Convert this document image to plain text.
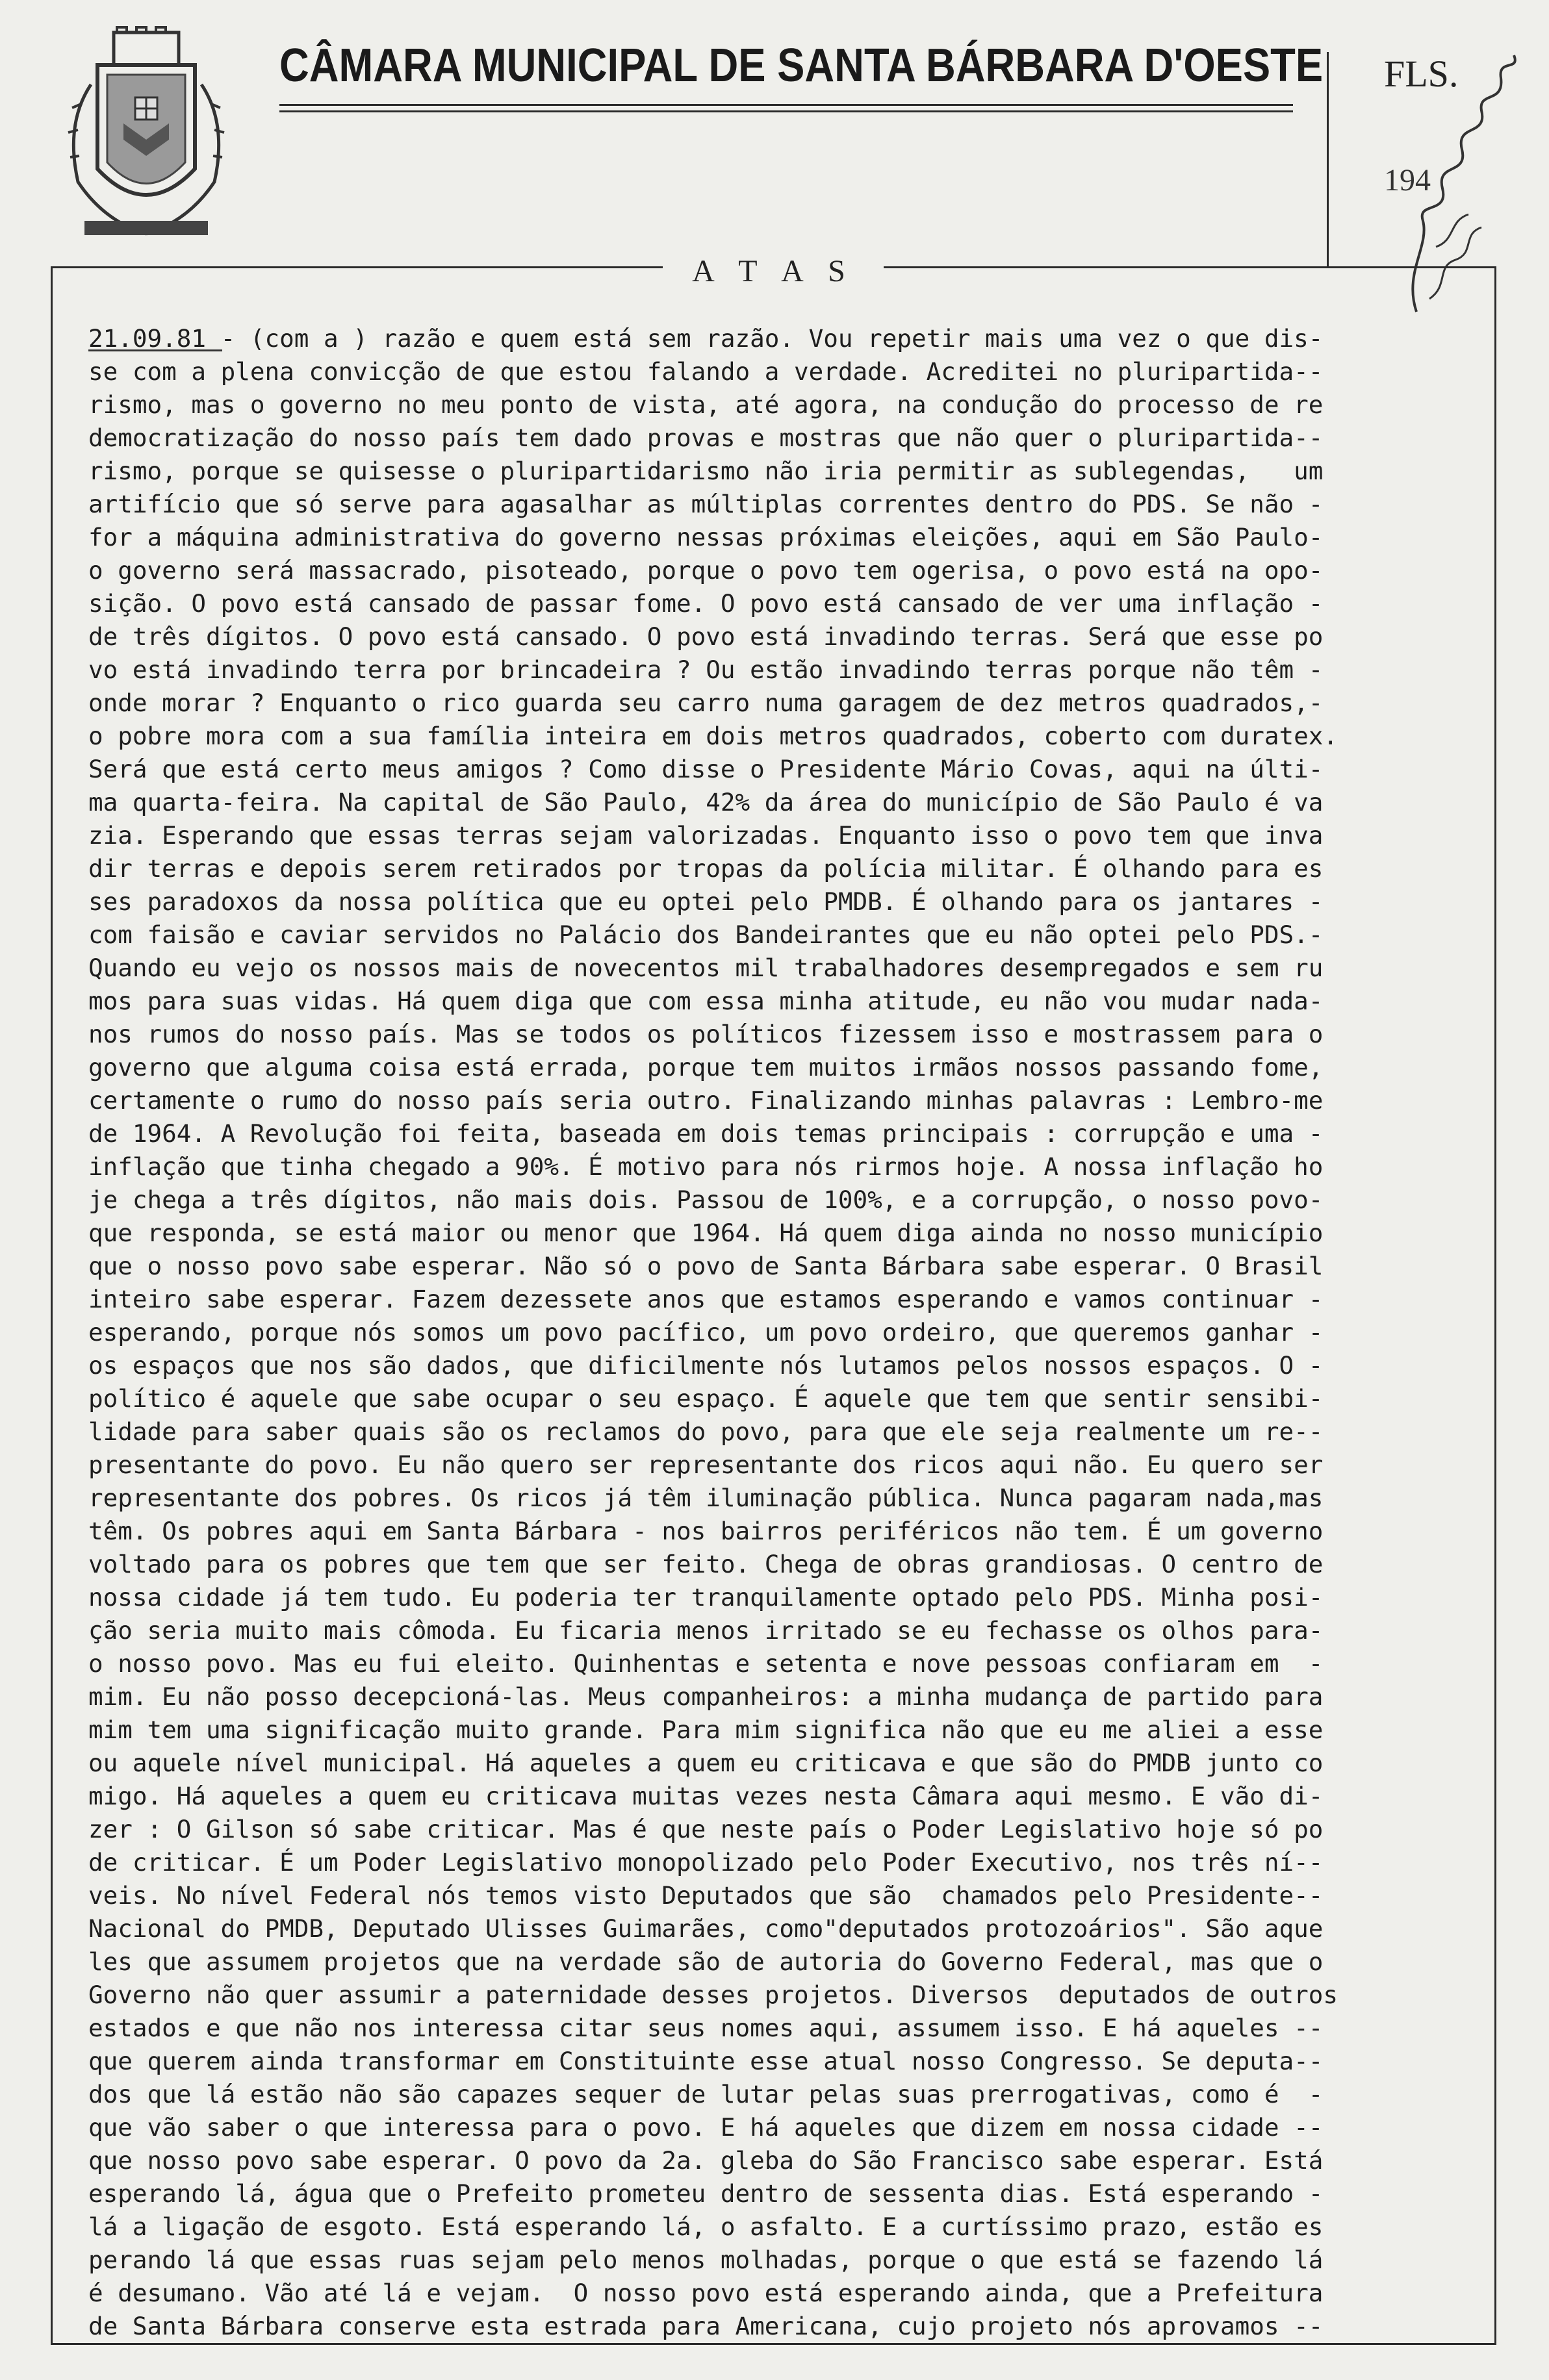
CÂMARA MUNICIPAL DE SANTA BÁRBARA D'OESTE FLS.
194
A T A S
21.09.81 - (com a ) razão e quem está sem razão. Vou repetir mais uma vez o que dis-
se com a plena convicção de que estou falando a verdade. Acreditei no pluripartida--
rismo, mas o governo no meu ponto de vista, até agora, na condução do processo de re
democratização do nosso país tem dado provas e mostras que não quer o pluripartida--
rismo, porque se quisesse o pluripartidarismo não iria permitir as sublegendas,   um
artifício que só serve para agasalhar as múltiplas correntes dentro do PDS. Se não -
for a máquina administrativa do governo nessas próximas eleições, aqui em São Paulo-
o governo será massacrado, pisoteado, porque o povo tem ogerisa, o povo está na opo-
sição. O povo está cansado de passar fome. O povo está cansado de ver uma inflação -
de três dígitos. O povo está cansado. O povo está invadindo terras. Será que esse po
vo está invadindo terra por brincadeira ? Ou estão invadindo terras porque não têm -
onde morar ? Enquanto o rico guarda seu carro numa garagem de dez metros quadrados,-
o pobre mora com a sua família inteira em dois metros quadrados, coberto com duratex.
Será que está certo meus amigos ? Como disse o Presidente Mário Covas, aqui na últi-
ma quarta-feira. Na capital de São Paulo, 42% da área do município de São Paulo é va
zia. Esperando que essas terras sejam valorizadas. Enquanto isso o povo tem que inva
dir terras e depois serem retirados por tropas da polícia militar. É olhando para es
ses paradoxos da nossa política que eu optei pelo PMDB. É olhando para os jantares -
com faisão e caviar servidos no Palácio dos Bandeirantes que eu não optei pelo PDS.-
Quando eu vejo os nossos mais de novecentos mil trabalhadores desempregados e sem ru
mos para suas vidas. Há quem diga que com essa minha atitude, eu não vou mudar nada-
nos rumos do nosso país. Mas se todos os políticos fizessem isso e mostrassem para o
governo que alguma coisa está errada, porque tem muitos irmãos nossos passando fome,
certamente o rumo do nosso país seria outro. Finalizando minhas palavras : Lembro-me
de 1964. A Revolução foi feita, baseada em dois temas principais : corrupção e uma -
inflação que tinha chegado a 90%. É motivo para nós rirmos hoje. A nossa inflação ho
je chega a três dígitos, não mais dois. Passou de 100%, e a corrupção, o nosso povo-
que responda, se está maior ou menor que 1964. Há quem diga ainda no nosso município
que o nosso povo sabe esperar. Não só o povo de Santa Bárbara sabe esperar. O Brasil
inteiro sabe esperar. Fazem dezessete anos que estamos esperando e vamos continuar -
esperando, porque nós somos um povo pacífico, um povo ordeiro, que queremos ganhar -
os espaços que nos são dados, que dificilmente nós lutamos pelos nossos espaços. O -
político é aquele que sabe ocupar o seu espaço. É aquele que tem que sentir sensibi-
lidade para saber quais são os reclamos do povo, para que ele seja realmente um re--
presentante do povo. Eu não quero ser representante dos ricos aqui não. Eu quero ser
representante dos pobres. Os ricos já têm iluminação pública. Nunca pagaram nada,mas
têm. Os pobres aqui em Santa Bárbara - nos bairros periféricos não tem. É um governo
voltado para os pobres que tem que ser feito. Chega de obras grandiosas. O centro de
nossa cidade já tem tudo. Eu poderia ter tranquilamente optado pelo PDS. Minha posi-
ção seria muito mais cômoda. Eu ficaria menos irritado se eu fechasse os olhos para-
o nosso povo. Mas eu fui eleito. Quinhentas e setenta e nove pessoas confiaram em  -
mim. Eu não posso decepcioná-las. Meus companheiros: a minha mudança de partido para
mim tem uma significação muito grande. Para mim significa não que eu me aliei a esse
ou aquele nível municipal. Há aqueles a quem eu criticava e que são do PMDB junto co
migo. Há aqueles a quem eu criticava muitas vezes nesta Câmara aqui mesmo. E vão di-
zer : O Gilson só sabe criticar. Mas é que neste país o Poder Legislativo hoje só po
de criticar. É um Poder Legislativo monopolizado pelo Poder Executivo, nos três ní--
veis. No nível Federal nós temos visto Deputados que são  chamados pelo Presidente--
Nacional do PMDB, Deputado Ulisses Guimarães, como"deputados protozoários". São aque
les que assumem projetos que na verdade são de autoria do Governo Federal, mas que o
Governo não quer assumir a paternidade desses projetos. Diversos  deputados de outros
estados e que não nos interessa citar seus nomes aqui, assumem isso. E há aqueles --
que querem ainda transformar em Constituinte esse atual nosso Congresso. Se deputa--
dos que lá estão não são capazes sequer de lutar pelas suas prerrogativas, como é  -
que vão saber o que interessa para o povo. E há aqueles que dizem em nossa cidade --
que nosso povo sabe esperar. O povo da 2a. gleba do São Francisco sabe esperar. Está
esperando lá, água que o Prefeito prometeu dentro de sessenta dias. Está esperando -
lá a ligação de esgoto. Está esperando lá, o asfalto. E a curtíssimo prazo, estão es
perando lá que essas ruas sejam pelo menos molhadas, porque o que está se fazendo lá
é desumano. Vão até lá e vejam.  O nosso povo está esperando ainda, que a Prefeitura
de Santa Bárbara conserve esta estrada para Americana, cujo projeto nós aprovamos --
